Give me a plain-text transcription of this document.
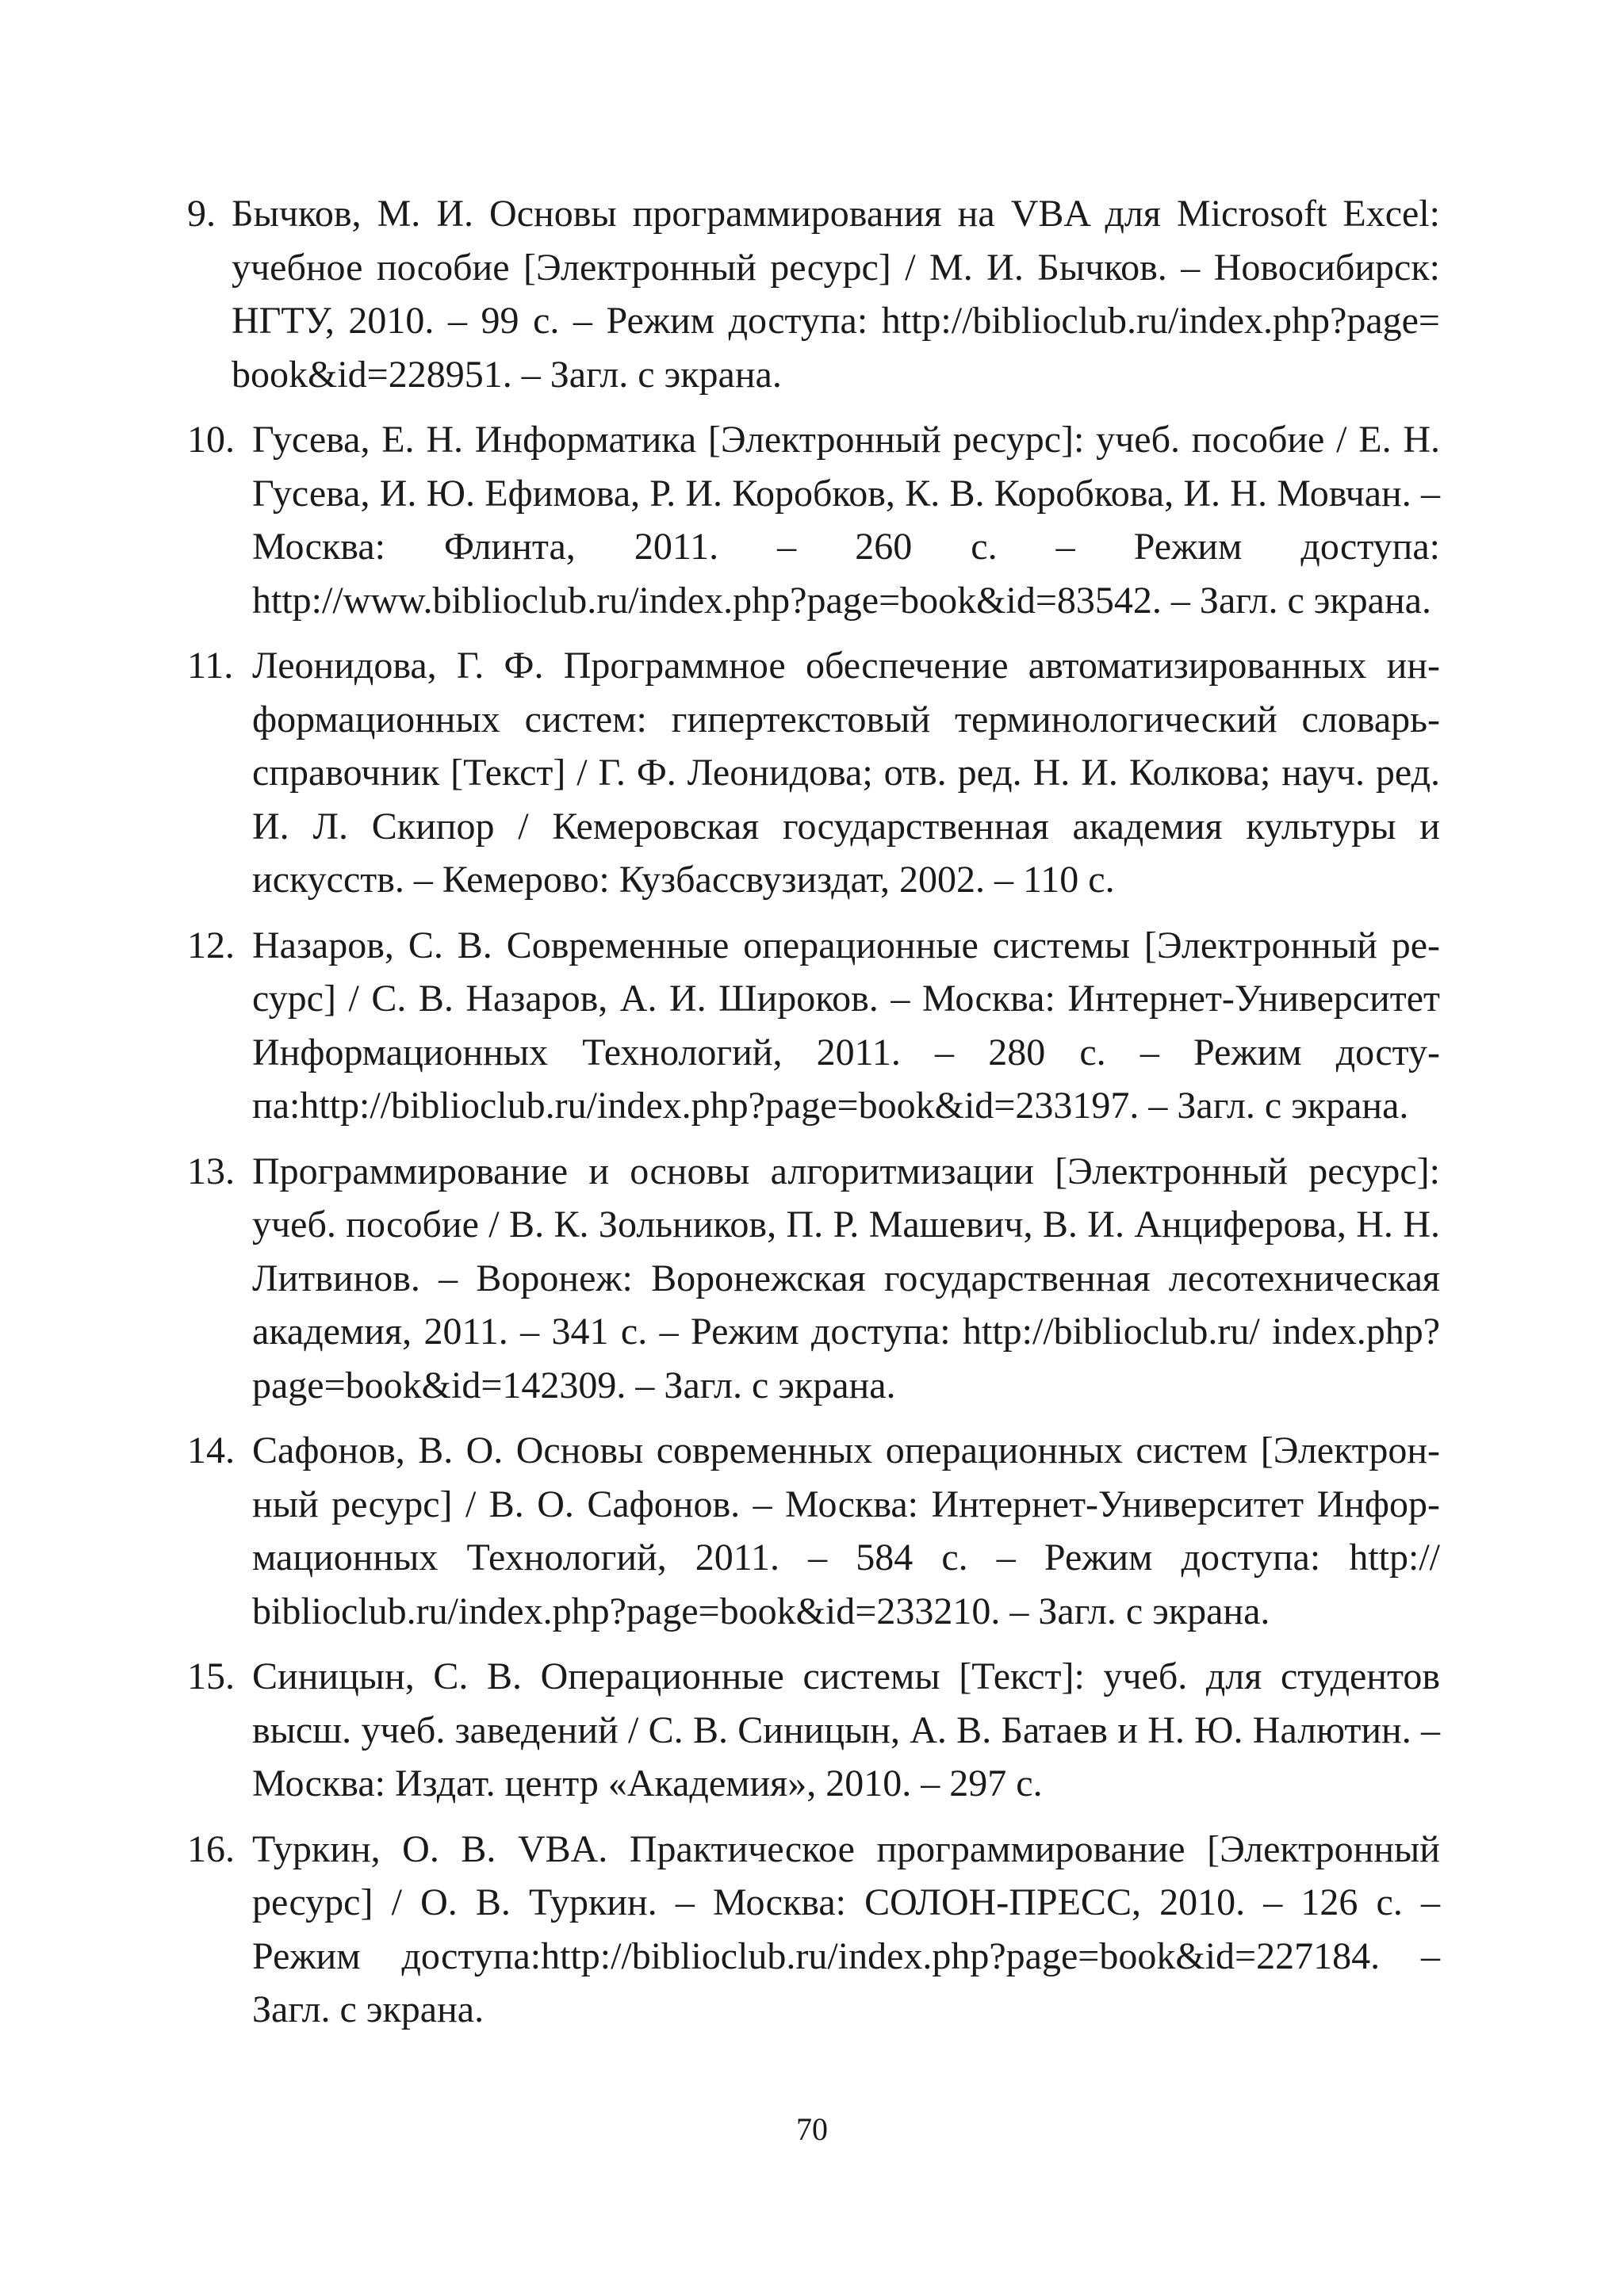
9. Бычков, М. И. Основы программирования на VBA для Microsoft Excel: учебное пособие [Электронный ресурс] / М. И. Бычков. – Новосибирск: НГТУ, 2010. – 99 с. – Режим доступа: http://biblioclub.ru/index.php?page= book&id=228951. – Загл. с экрана.
10. Гусева, Е. Н. Информатика [Электронный ресурс]: учеб. пособие / Е. Н. Гусева, И. Ю. Ефимова, Р. И. Коробков, К. В. Коробкова, И. Н. Мовчан. – Москва: Флинта, 2011. – 260 с. – Режим доступа: http://www.biblioclub.ru/index.php?page=book&id=83542. – Загл. с экрана.
11. Леонидова, Г. Ф. Программное обеспечение автоматизированных информационных систем: гипертекстовый терминологический словарь-справочник [Текст] / Г. Ф. Леонидова; отв. ред. Н. И. Колкова; науч. ред. И. Л. Скипор / Кемеровская государственная академия культуры и искусств. – Кемерово: Кузбассвузиздат, 2002. – 110 с.
12. Назаров, С. В. Современные операционные системы [Электронный ресурс] / С. В. Назаров, А. И. Широков. – Москва: Интернет-Университет Информационных Технологий, 2011. – 280 с. – Режим доступа:http://biblioclub.ru/index.php?page=book&id=233197. – Загл. с экрана.
13. Программирование и основы алгоритмизации [Электронный ресурс]: учеб. пособие / В. К. Зольников, П. Р. Машевич, В. И. Анциферова, Н. Н. Литвинов. – Воронеж: Воронежская государственная лесотехническая академия, 2011. – 341 с. – Режим доступа: http://biblioclub.ru/ index.php?page=book&id=142309. – Загл. с экрана.
14. Сафонов, В. О. Основы современных операционных систем [Электронный ресурс] / В. О. Сафонов. – Москва: Интернет-Университет Информационных Технологий, 2011. – 584 с. – Режим доступа: http:// biblioclub.ru/index.php?page=book&id=233210. – Загл. с экрана.
15. Синицын, С. В. Операционные системы [Текст]: учеб. для студентов высш. учеб. заведений / С. В. Синицын, А. В. Батаев и Н. Ю. Налютин. – Москва: Издат. центр «Академия», 2010. – 297 с.
16. Туркин, О. В. VBA. Практическое программирование [Электронный ресурс] / О. В. Туркин. – Москва: СОЛОН-ПРЕСС, 2010. – 126 с. – Режим доступа:http://biblioclub.ru/index.php?page=book&id=227184. – Загл. с экрана.
70
